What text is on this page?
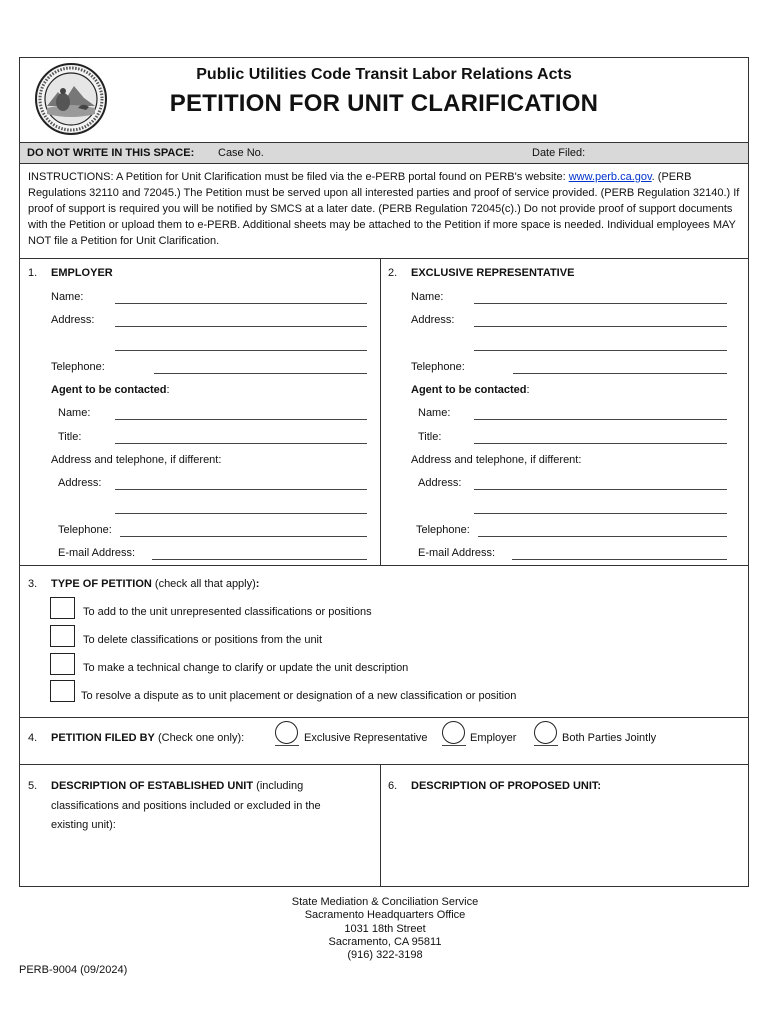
Public Utilities Code Transit Labor Relations Acts
PETITION FOR UNIT CLARIFICATION
DO NOT WRITE IN THIS SPACE: Case No.	Date Filed:
INSTRUCTIONS: A Petition for Unit Clarification must be filed via the e-PERB portal found on PERB's website: www.perb.ca.gov. (PERB Regulations 32110 and 72045.) The Petition must be served upon all interested parties and proof of service provided. (PERB Regulation 32140.) If proof of support is required you will be notified by SMCS at a later date. (PERB Regulation 72045(c).) Do not provide proof of support documents with the Petition or upload them to e-PERB. Additional sheets may be attached to the Petition if more space is needed. Individual employees MAY NOT file a Petition for Unit Clarification.
1. EMPLOYER
Name:
Address:
Telephone:
Agent to be contacted:
Name:
Title:
Address and telephone, if different:
Address:
Telephone:
E-mail Address:
2. EXCLUSIVE REPRESENTATIVE
Name:
Address:
Telephone:
Agent to be contacted:
Name:
Title:
Address and telephone, if different:
Address:
Telephone:
E-mail Address:
3. TYPE OF PETITION (check all that apply):
To add to the unit unrepresented classifications or positions
To delete classifications or positions from the unit
To make a technical change to clarify or update the unit description
To resolve a dispute as to unit placement or designation of a new classification or position
4. PETITION FILED BY (Check one only):	Exclusive Representative	Employer	Both Parties Jointly
5. DESCRIPTION OF ESTABLISHED UNIT (including
classifications and positions included or excluded in the
existing unit):
6. DESCRIPTION OF PROPOSED UNIT:
State Mediation & Conciliation Service
Sacramento Headquarters Office
1031 18th Street
Sacramento, CA 95811
(916) 322-3198
PERB-9004 (09/2024)
